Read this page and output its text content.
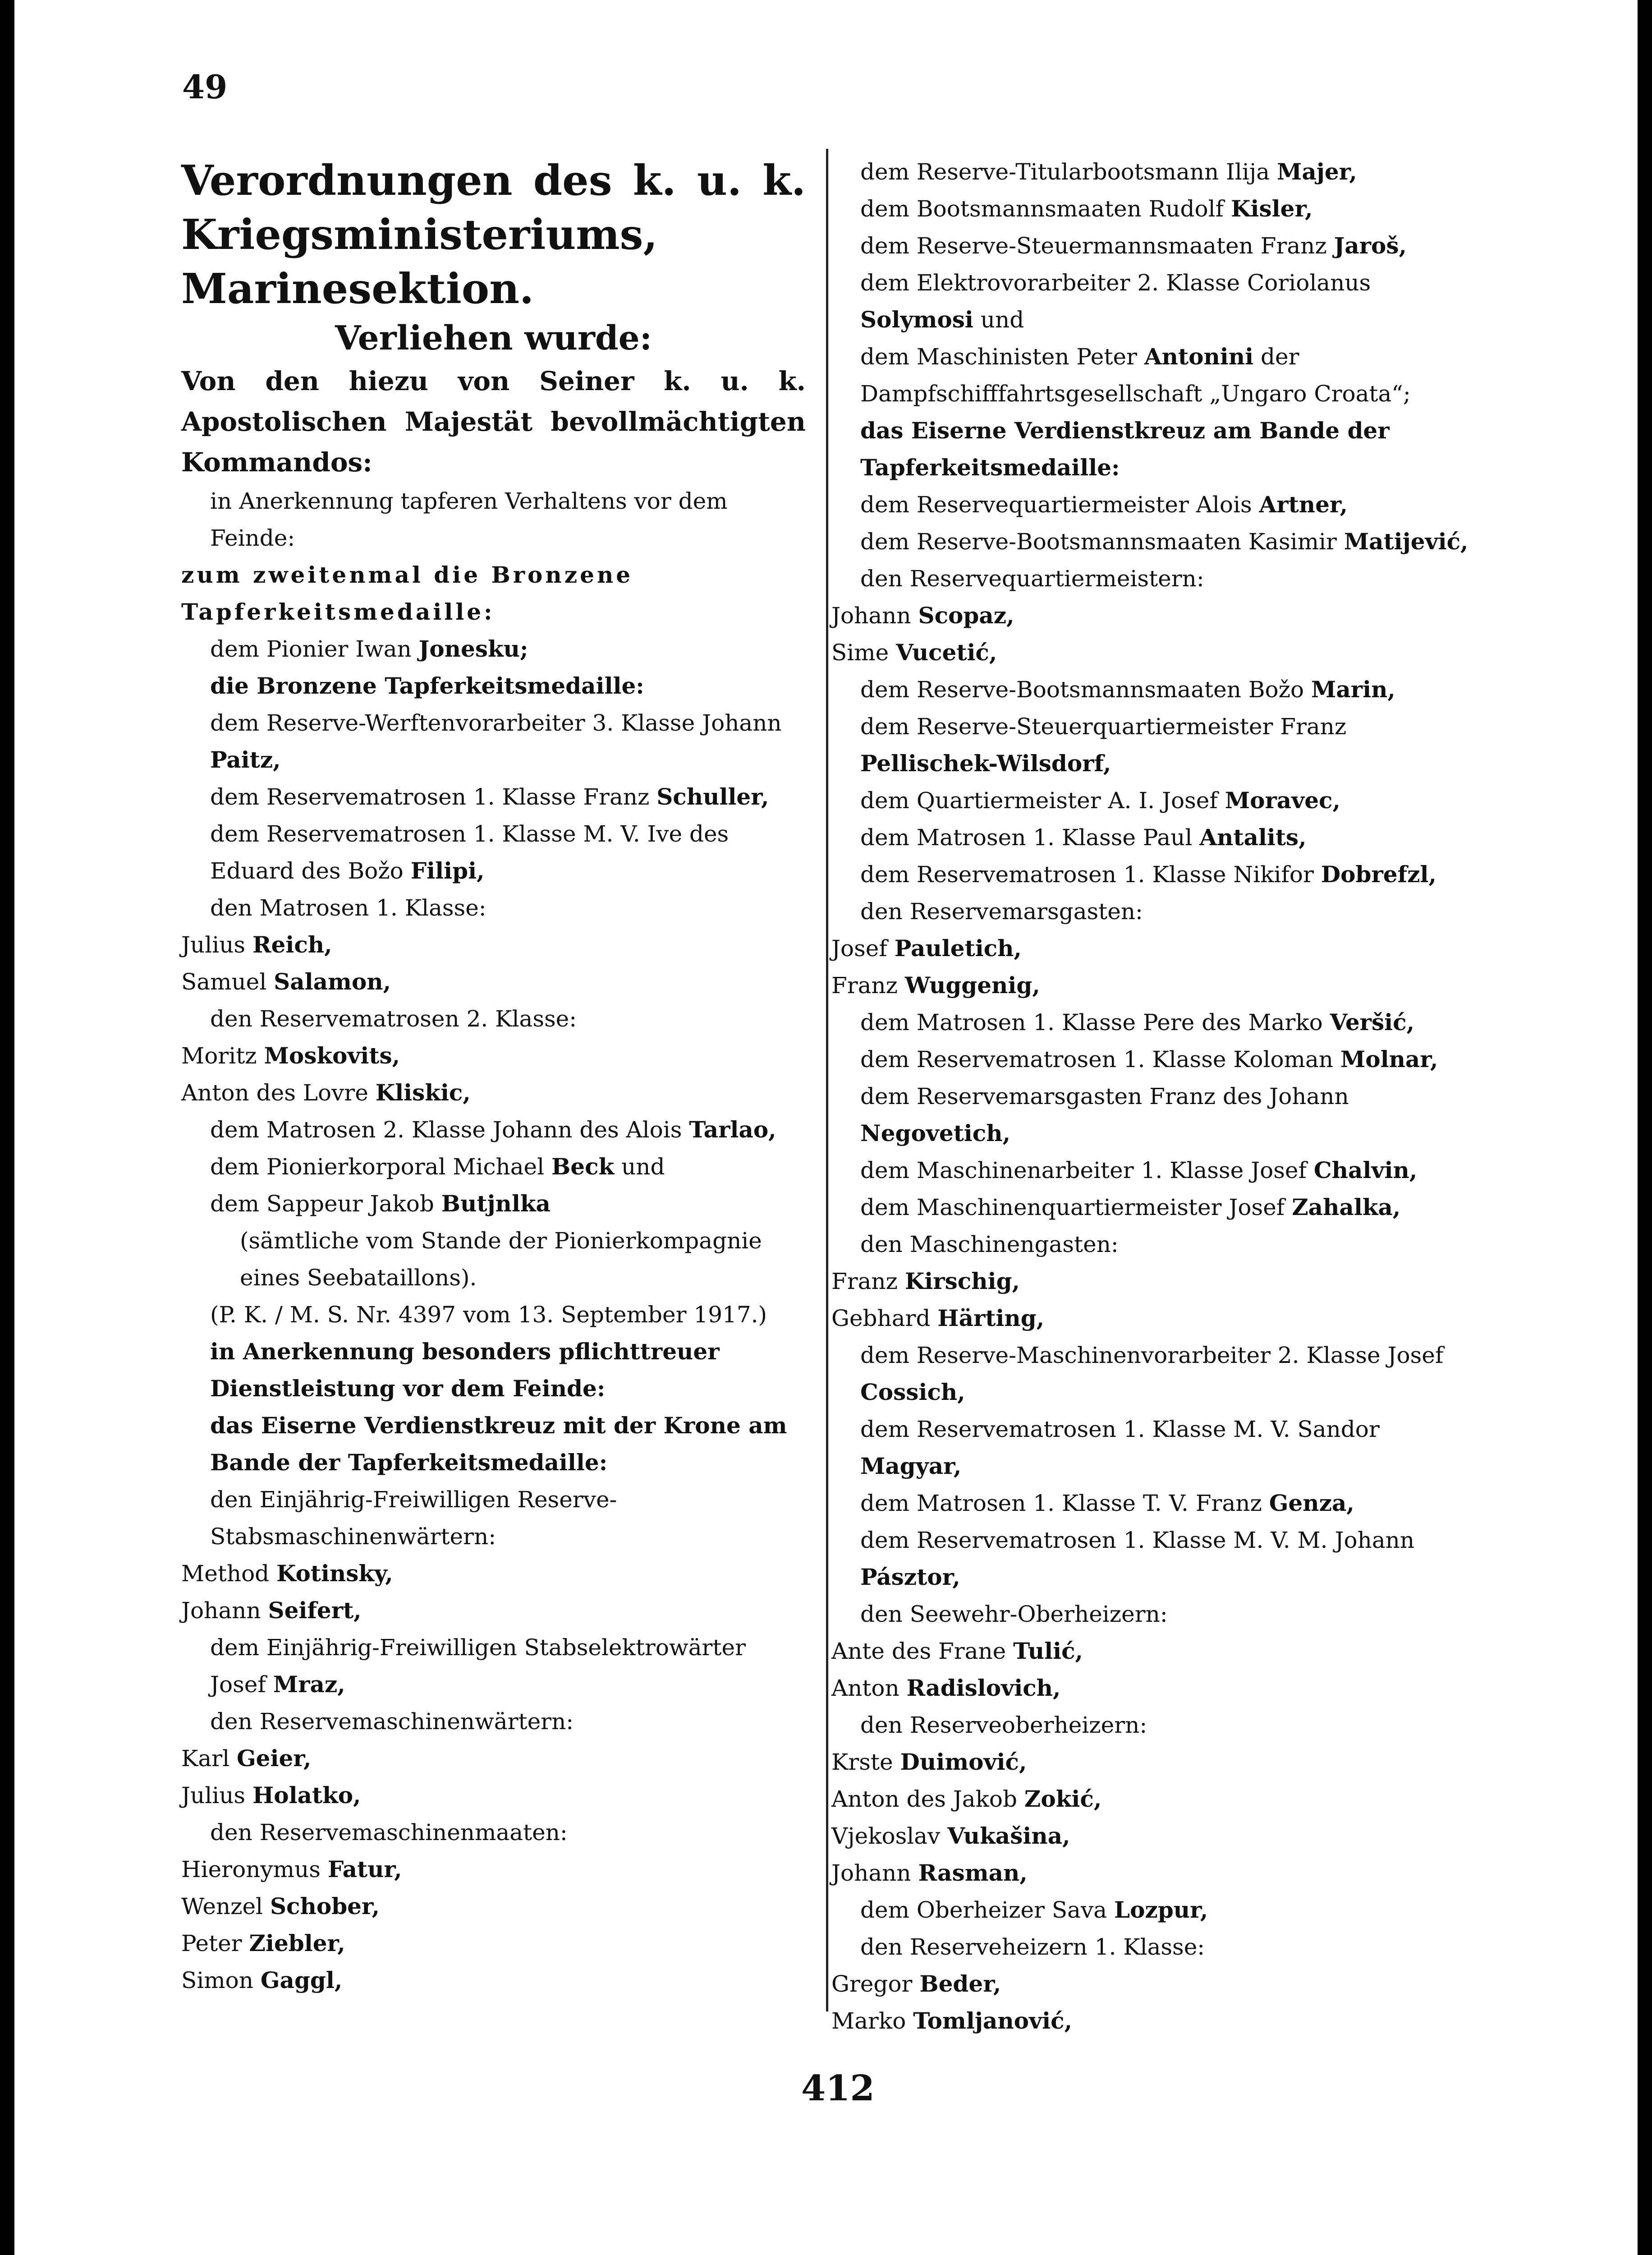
49

Verordnungen des k. u. k. Kriegsministeriums, Marinesektion.

Verliehen wurde:

Von den hiezu von Seiner k. u. k. Apostolischen Majestät bevollmächtigten Kommandos:

in Anerkennung tapferen Verhaltens vor dem Feinde:

zum zweitenmal die Bronzene Tapferkeitsmedaille:

dem Pionier Iwan Jonesku;

die Bronzene Tapferkeitsmedaille:

dem Reserve-Werftenvorarbeiter 3. Klasse Johann Paitz,

dem Reservematrosen 1. Klasse Franz Schuller,

dem Reservematrosen 1. Klasse M. V. Ive des Eduard des Božo Filipi,

den Matrosen 1. Klasse:

Julius Reich,

Samuel Salamon,

den Reservematrosen 2. Klasse:

Moritz Moskovits,

Anton des Lovre Kliskic,

dem Matrosen 2. Klasse Johann des Alois Tarlao,

dem Pionierkorporal Michael Beck und

dem Sappeur Jakob Butjnlka

(sämtliche vom Stande der Pionierkompagnie eines Seebataillons).

(P. K. / M. S. Nr. 4397 vom 13. September 1917.)

in Anerkennung besonders pflichttreuer Dienstleistung vor dem Feinde:

das Eiserne Verdienstkreuz mit der Krone am Bande der Tapferkeitsmedaille:

den Einjährig-Freiwilligen Reserve-Stabsmaschinenwärtern:

Method Kotinsky,

Johann Seifert,

dem Einjährig-Freiwilligen Stabselektrowärter Josef Mraz,

den Reservemaschinenwärtern:

Karl Geier,

Julius Holatko,

den Reservemaschinenmaaten:

Hieronymus Fatur,

Wenzel Schober,

Peter Ziebler,

Simon Gaggl,

dem Reserve-Titularbootsmann Ilija Majer,

dem Bootsmannsmaaten Rudolf Kisler,

dem Reserve-Steuermannsmaaten Franz Jaroš,

dem Elektrovorarbeiter 2. Klasse Coriolanus Solymosi und

dem Maschinisten Peter Antonini der Dampfschifffahrtsgesellschaft „Ungaro Croata“;

das Eiserne Verdienstkreuz am Bande der Tapferkeitsmedaille:

dem Reservequartiermeister Alois Artner,

dem Reserve-Bootsmannsmaaten Kasimir Matijević,

den Reservequartiermeistern:

Johann Scopaz,

Sime Vucetić,

dem Reserve-Bootsmannsmaaten Božo Marin,

dem Reserve-Steuerquartiermeister Franz Pellischek-Wilsdorf,

dem Quartiermeister A. I. Josef Moravec,

dem Matrosen 1. Klasse Paul Antalits,

dem Reservematrosen 1. Klasse Nikifor Dobrefzl,

den Reservemarsgasten:

Josef Pauletich,

Franz Wuggenig,

dem Matrosen 1. Klasse Pere des Marko Veršić,

dem Reservematrosen 1. Klasse Koloman Molnar,

dem Reservemarsgasten Franz des Johann Negovetich,

dem Maschinenarbeiter 1. Klasse Josef Chalvin,

dem Maschinenquartiermeister Josef Zahalka,

den Maschinengasten:

Franz Kirschig,

Gebhard Härting,

dem Reserve-Maschinenvorarbeiter 2. Klasse Josef Cossich,

dem Reservematrosen 1. Klasse M. V. Sandor Magyar,

dem Matrosen 1. Klasse T. V. Franz Genza,

dem Reservematrosen 1. Klasse M. V. M. Johann Pásztor,

den Seewehr-Oberheizern:

Ante des Frane Tulić,

Anton Radislovich,

den Reserveoberheizern:

Krste Duimović,

Anton des Jakob Zokić,

Vjekoslav Vukašina,

Johann Rasman,

dem Oberheizer Sava Lozpur,

den Reserveheizern 1. Klasse:

Gregor Beder,

Marko Tomljanović,

412
